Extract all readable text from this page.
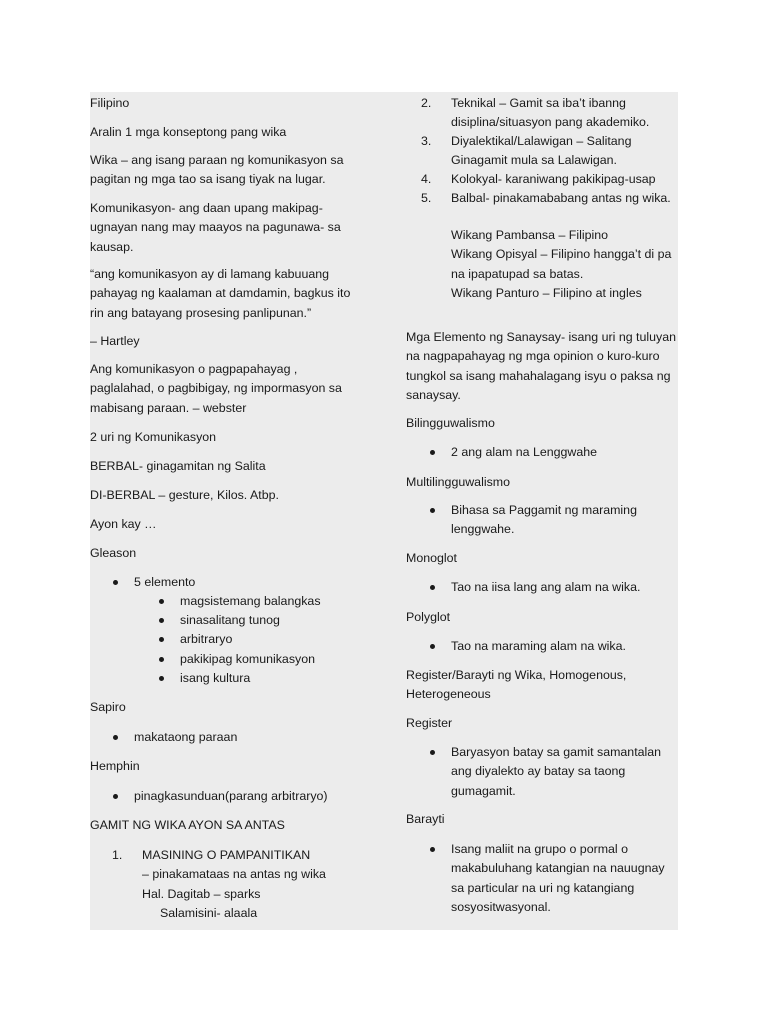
Filipino

Aralin 1 mga konseptong pang wika

Wika – ang isang paraan ng komunikasyon sa

pagitan ng mga tao sa isang tiyak na lugar.

Komunikasyon- ang daan upang makipag-

ugnayan nang may maayos na pagunawa- sa

kausap.

“ang komunikasyon ay di lamang kabuuang

pahayag ng kaalaman at damdamin, bagkus ito

rin ang batayang prosesing panlipunan.”

– Hartley

Ang komunikasyon o pagpapahayag ,

paglalahad, o pagbibigay, ng impormasyon sa

mabisang paraan. – webster

2 uri ng Komunikasyon

BERBAL- ginagamitan ng Salita

DI-BERBAL – gesture, Kilos. Atbp.

Ayon kay …

Gleason

5 elemento

magsistemang balangkas

sinasalitang tunog

arbitraryo

pakikipag komunikasyon

isang kultura

Sapiro

makataong paraan

Hemphin

pinagkasunduan(parang arbitraryo)

GAMIT NG WIKA AYON SA ANTAS

1. MASINING O PAMPANITIKAN

– pinakamataas na antas ng wika

Hal. Dagitab – sparks

Salamisini- alaala

2. Teknikal – Gamit sa iba’t ibanng

disiplina/situasyon pang akademiko.

3. Diyalektikal/Lalawigan – Salitang

Ginagamit mula sa Lalawigan.

4. Kolokyal- karaniwang pakikipag-usap

5. Balbal- pinakamababang antas ng wika.

Wikang Pambansa – Filipino

Wikang Opisyal – Filipino hangga’t di pa

na ipapatupad sa batas.

Wikang Panturo – Filipino at ingles

Mga Elemento ng Sanaysay- isang uri ng tuluyan

na nagpapahayag ng mga opinion o kuro-kuro

tungkol sa isang mahahalagang isyu o paksa ng

sanaysay.

Bilingguwalismo

2 ang alam na Lenggwahe

Multilingguwalismo

Bihasa sa Paggamit ng maraming

lenggwahe.

Monoglot

Tao na iisa lang ang alam na wika.

Polyglot

Tao na maraming alam na wika.

Register/Barayti ng Wika, Homogenous,

Heterogeneous

Register

Baryasyon batay sa gamit samantalan

ang diyalekto ay batay sa taong

gumagamit.

Barayti

Isang maliit na grupo o pormal o

makabuluhang katangian na nauugnay

sa particular na uri ng katangiang

sosyositwasyonal.
